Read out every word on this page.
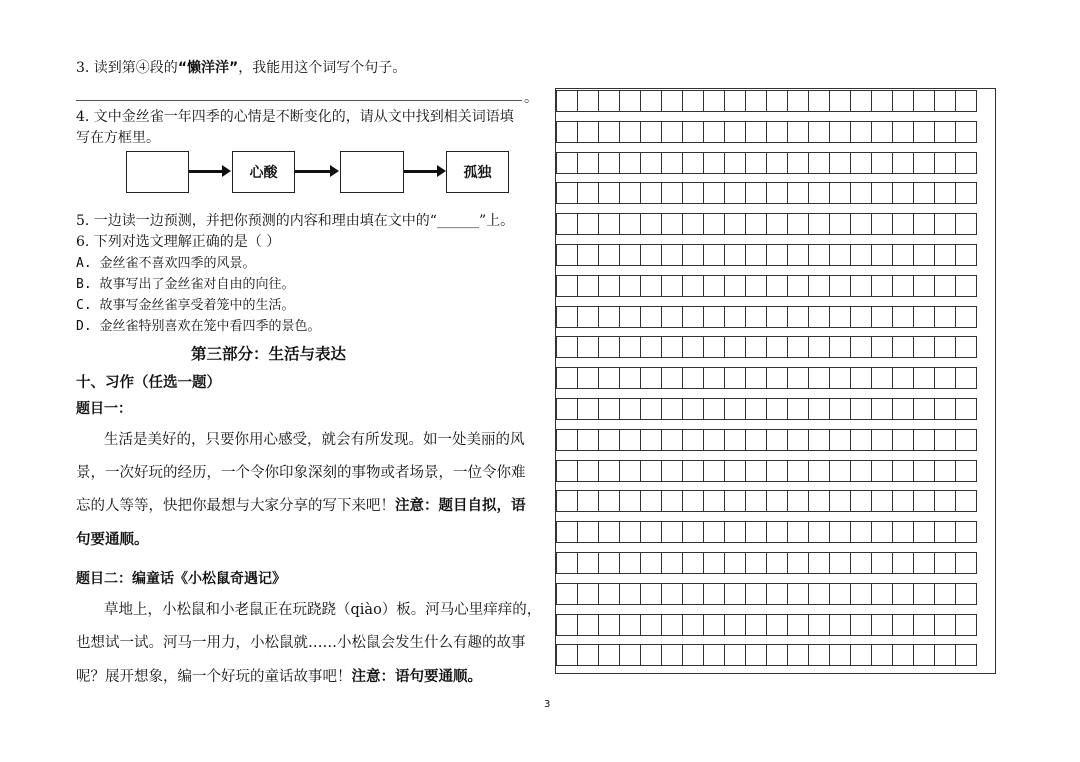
3. 读到第④段的“懒洋洋”，我能用这个词写个句子。
。
4. 文中金丝雀一年四季的心情是不断变化的，请从文中找到相关词语填
写在方框里。
心酸	孤独
5. 一边读一边预测，并把你预测的内容和理由填在文中的“______”上。
6. 下列对选文理解正确的是（ ）
A. 金丝雀不喜欢四季的风景。
B. 故事写出了金丝雀对自由的向往。
C. 故事写金丝雀享受着笼中的生活。
D. 金丝雀特别喜欢在笼中看四季的景色。
第三部分：生活与表达
十、习作（任选一题）
题目一：
生活是美好的，只要你用心感受，就会有所发现。如一处美丽的风
景，一次好玩的经历，一个令你印象深刻的事物或者场景，一位令你难
忘的人等等，快把你最想与大家分享的写下来吧！注意：题目自拟，语
句要通顺。
题目二：编童话《小松鼠奇遇记》
草地上，小松鼠和小老鼠正在玩跷跷（qiào）板。河马心里痒痒的，
也想试一试。河马一用力，小松鼠就……小松鼠会发生什么有趣的故事
呢？展开想象，编一个好玩的童话故事吧！注意：语句要通顺。
3
